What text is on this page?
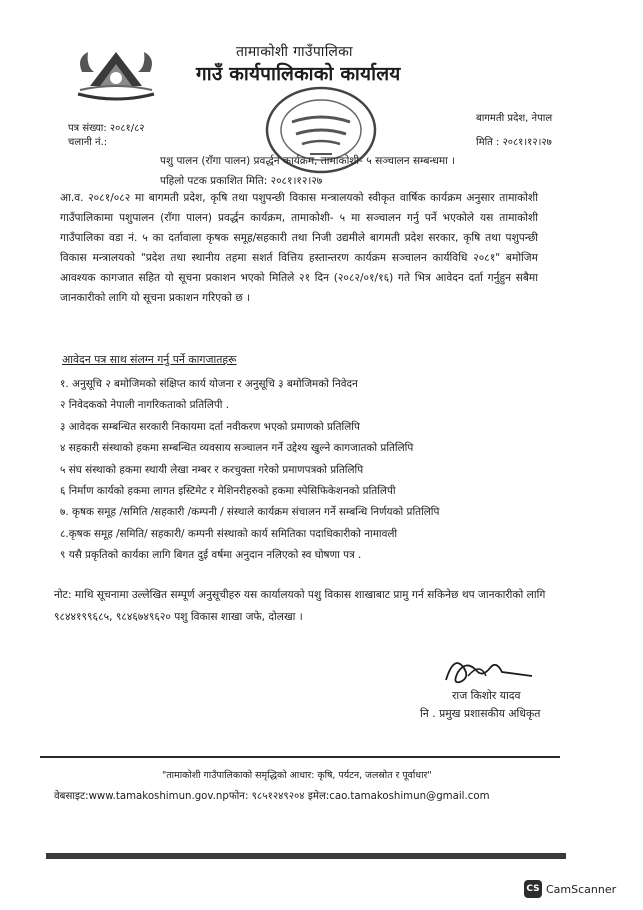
तामाकोशी गाउँपालिका
गाउँ कार्यपालिकाको कार्यालय
पत्र संख्या: २०८१/८२
चलानी नं.:
बागमती प्रदेश, नेपाल
मिति : २०८१।१२।२७
पशु पालन (राँगा पालन) प्रवर्द्धन कार्यक्रम, तामाकोशी- ५ सञ्चालन सम्बन्धमा ।
पहिलो पटक प्रकाशित मिति: २०८१।१२।२७
आ.व. २०८१/०८२ मा बागमती प्रदेश, कृषि तथा पशुपन्छी विकास मन्त्रालयको स्वीकृत वार्षिक कार्यक्रम अनुसार तामाकोशी गाउँपालिकामा पशुपालन (राँगा पालन) प्रवर्द्धन कार्यक्रम, तामाकोशी- ५ मा सञ्चालन गर्नु पर्ने भएकोले यस तामाकोशी गाउँपालिका वडा नं. ५ का दर्तावाला कृषक समूह/सहकारी तथा निजी उद्यमीले बागमती प्रदेश सरकार, कृषि तथा पशुपन्छी विकास मन्त्रालयको "प्रदेश तथा स्थानीय तहमा सशर्त वित्तिय हस्तान्तरण कार्यक्रम सञ्चालन कार्यविधि २०८१" बमोजिम आवश्यक कागजात सहित यो सूचना प्रकाशन भएको मितिले २१ दिन (२०८२/०१/१६) गते भित्र आवेदन दर्ता गर्नुहुन सबैमा जानकारीको लागि यो सूचना प्रकाशन गरिएको छ ।
आवेदन पत्र साथ संलग्न गर्नु पर्ने कागजातहरू
१. अनुसूचि २ बमोजिमको संक्षिप्त कार्य योजना र अनुसूचि ३ बमोजिमको निवेदन
२ निवेदकको नेपाली नागरिकताको प्रतिलिपी .
३ आवेदक सम्बन्धित सरकारी निकायमा दर्ता नवीकरण भएको प्रमाणको प्रतिलिपि
४ सहकारी संस्थाको हकमा सम्बन्धित व्यवसाय सञ्चालन गर्ने उद्देश्य खुल्ने कागजातको प्रतिलिपि
५ संघ संस्थाको हकमा स्थायी लेखा नम्बर र करचुक्ता गरेको प्रमाणपत्रको प्रतिलिपि
६ निर्माण कार्यको हकमा लागत इस्टिमेट र मेशिनरीहरुको हकमा स्पेसिफिकेशनको प्रतिलिपी
७. कृषक समूह /समिति /सहकारी /कम्पनी / संस्थाले कार्यक्रम संचालन गर्ने सम्बन्धि निर्णयको प्रतिलिपि
८.कृषक समूह /समिति/ सहकारी/ कम्पनी संस्थाको कार्य समितिका पदाधिकारीको नामावली
९ यसै प्रकृतिको कार्यका लागि बिगत दुई वर्षमा अनुदान नलिएको स्व घोषणा पत्र .
नोट: माथि सूचनामा उल्लेखित सम्पूर्ण अनुसूचीहरु यस कार्यालयको पशु विकास शाखाबाट प्रामु गर्न सकिनेछ थप जानकारीको लागि ९८४४१९९६८५, ९८४६७४९६२० पशु विकास शाखा जफे, दोलखा ।
राज किशोर यादव
नि . प्रमुख प्रशासकीय अधिकृत
"तामाकोशी गाउँपालिकाको समृद्धिको आधार: कृषि, पर्यटन, जलस्रोत र पूर्वाधार"
वेबसाइट:www.tamakoshimun.gov.npफोन: ९८५१२४९२०४ इमेल:cao.tamakoshimun@gmail.com
CS CamScanner
